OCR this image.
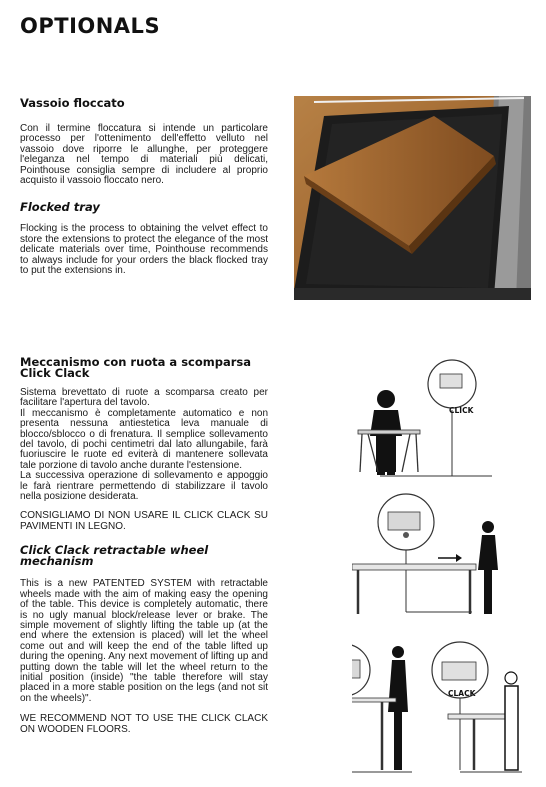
OPTIONALS
Vassoio floccato

Con il termine floccatura si intende un particolare processo per l'ottenimento dell'effetto velluto nel vassoio dove riporre le allunghe, per proteggere l'eleganza nel tempo di materiali più delicati, Pointhouse consiglia sempre di includere al proprio acquisto il vassoio floccato nero.

Flocked tray

Flocking is the process to obtaining the velvet effect to store the extensions to protect the elegance of the most delicate materials over time, Pointhouse recommends to always include for your orders the black flocked tray to put the extensions in.

Meccanismo con ruota a scomparsa Click Clack

Sistema brevettato di ruote a scomparsa creato per facilitare l'apertura del tavolo.

Il meccanismo è completamente automatico e non presenta nessuna antiestetica leva manuale di blocco/sblocco o di frenatura. Il semplice sollevamento del tavolo, di pochi centimetri dal lato allungabile, farà fuoriuscire le ruote ed eviterà di mantenere sollevata tale porzione di tavolo anche durante l'estensione.

La successiva operazione di sollevamento e appoggio le farà rientrare permettendo di stabilizzare il tavolo nella posizione desiderata.

CONSIGLIAMO DI NON USARE IL CLICK CLACK SU PAVIMENTI IN LEGNO.

Click Clack retractable wheel mechanism

This is a new PATENTED SYSTEM with retractable wheels made with the aim of making easy the opening of the table. This device is completely automatic, there is no ugly manual block/release lever or brake. The simple movement of slightly lifting the table up (at the end where the extension is placed) will let the wheel come out and will keep the end of the table lifted up during the opening. Any next movement of lifting up and putting down the table will let the wheel return to the initial position (inside) "the table therefore will stay placed in a more stable position on the legs (and not sit on the wheels)".

WE RECOMMEND NOT TO USE THE CLICK CLACK ON WOODEN FLOORS.

CLICK
CLACK
